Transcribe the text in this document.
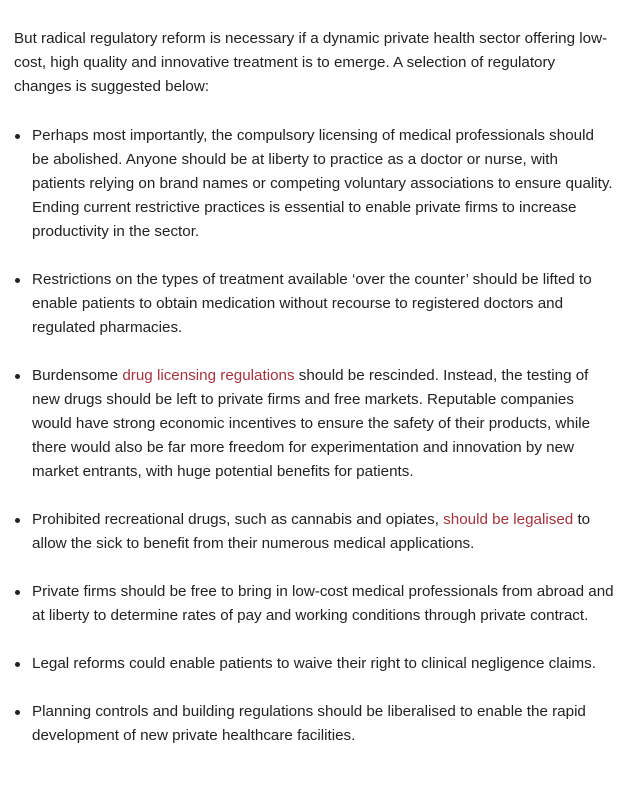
But radical regulatory reform is necessary if a dynamic private health sector offering low-cost, high quality and innovative treatment is to emerge. A selection of regulatory changes is suggested below:

Perhaps most importantly, the compulsory licensing of medical professionals should be abolished. Anyone should be at liberty to practice as a doctor or nurse, with patients relying on brand names or competing voluntary associations to ensure quality. Ending current restrictive practices is essential to enable private firms to increase productivity in the sector.
Restrictions on the types of treatment available ‘over the counter’ should be lifted to enable patients to obtain medication without recourse to registered doctors and regulated pharmacies.
Burdensome drug licensing regulations should be rescinded. Instead, the testing of new drugs should be left to private firms and free markets. Reputable companies would have strong economic incentives to ensure the safety of their products, while there would also be far more freedom for experimentation and innovation by new market entrants, with huge potential benefits for patients.
Prohibited recreational drugs, such as cannabis and opiates, should be legalised to allow the sick to benefit from their numerous medical applications.
Private firms should be free to bring in low-cost medical professionals from abroad and at liberty to determine rates of pay and working conditions through private contract.
Legal reforms could enable patients to waive their right to clinical negligence claims.
Planning controls and building regulations should be liberalised to enable the rapid development of new private healthcare facilities.
